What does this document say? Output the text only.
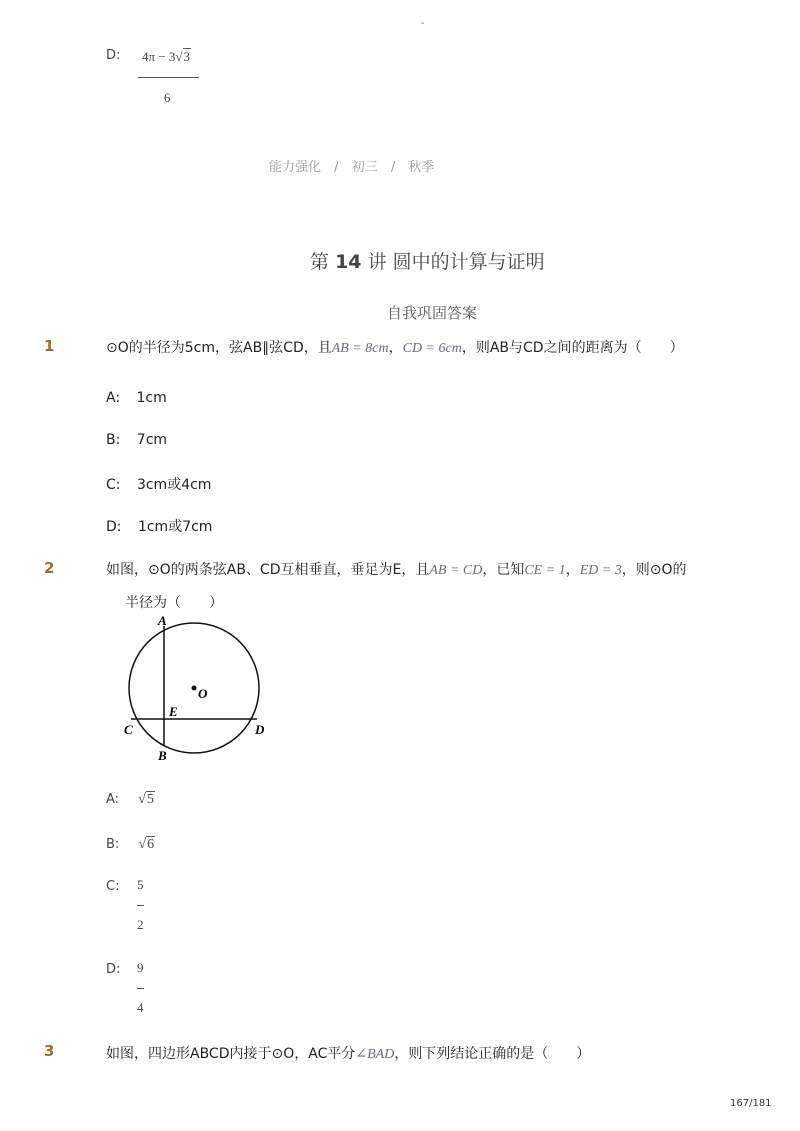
-
D: 4π − 3√3
6
能力强化 / 初三 / 秋季
第 14 讲 圆中的计算与证明
自我巩固答案
1	⊙O的半径为5cm，弦AB∥弦CD，且AB = 8cm，CD = 6cm，则AB与CD之间的距离为（　　）
A: 1cm
B: 7cm
C: 3cm或4cm
D: 1cm或7cm
2	如图，⊙O的两条弦AB、CD互相垂直，垂足为E，且AB = CD，已知CE = 1，ED = 3，则⊙O的
半径为（　　）
A
O
E
C	D
B
A: √5
B: √6
C: 5
2
D: 9
4
3	如图，四边形ABCD内接于⊙O，AC平分∠BAD，则下列结论正确的是（　　）
167/181
